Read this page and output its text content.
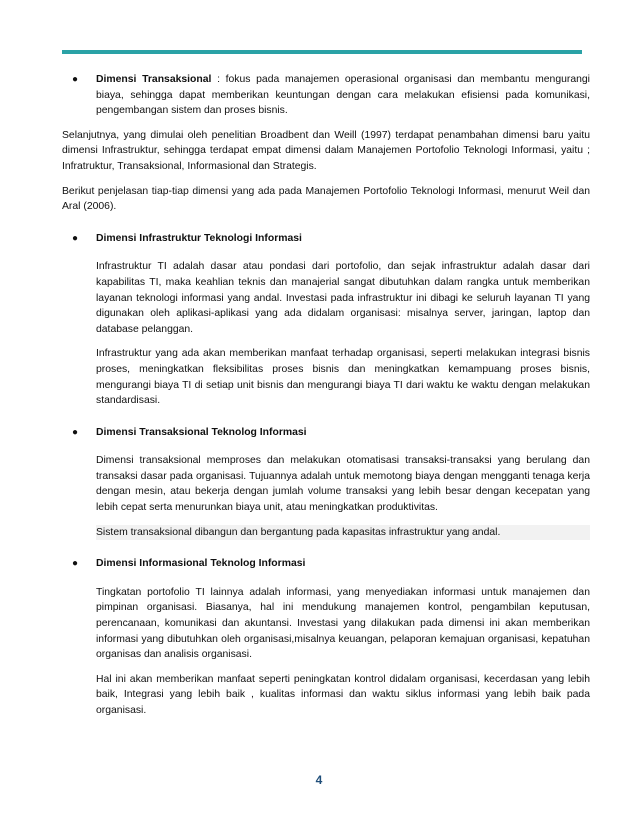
● Dimensi Transaksional : fokus pada manajemen operasional organisasi dan membantu mengurangi biaya, sehingga dapat memberikan keuntungan dengan cara melakukan efisiensi pada komunikasi, pengembangan sistem dan proses bisnis.

Selanjutnya, yang dimulai oleh penelitian Broadbent dan Weill (1997) terdapat penambahan dimensi baru yaitu dimensi Infrastruktur, sehingga terdapat empat dimensi dalam Manajemen Portofolio Teknologi Informasi, yaitu ; Infratruktur, Transaksional, Informasional dan Strategis.

Berikut penjelasan tiap-tiap dimensi yang ada pada Manajemen Portofolio Teknologi Informasi, menurut Weil dan Aral (2006).

● Dimensi Infrastruktur Teknologi Informasi

Infrastruktur TI adalah dasar atau pondasi dari portofolio, dan sejak infrastruktur adalah dasar dari kapabilitas TI, maka keahlian teknis dan manajerial sangat dibutuhkan dalam rangka untuk memberikan layanan teknologi informasi yang andal. Investasi pada infrastruktur ini dibagi ke seluruh layanan TI yang digunakan oleh aplikasi-aplikasi yang ada didalam organisasi: misalnya server, jaringan, laptop dan database pelanggan.

Infrastruktur yang ada akan memberikan manfaat terhadap organisasi, seperti melakukan integrasi bisnis proses, meningkatkan fleksibilitas proses bisnis dan meningkatkan kemampuang proses bisnis, mengurangi biaya TI di setiap unit bisnis dan mengurangi biaya TI dari waktu ke waktu dengan melakukan standardisasi.

● Dimensi Transaksional Teknolog Informasi

Dimensi transaksional memproses dan melakukan otomatisasi transaksi-transaksi yang berulang dan transaksi dasar pada organisasi. Tujuannya adalah untuk memotong biaya dengan mengganti tenaga kerja dengan mesin, atau bekerja dengan jumlah volume transaksi yang lebih besar dengan kecepatan yang lebih cepat serta menurunkan biaya unit, atau meningkatkan produktivitas.

Sistem transaksional dibangun dan bergantung pada kapasitas infrastruktur yang andal.

● Dimensi Informasional Teknolog Informasi

Tingkatan portofolio TI lainnya adalah informasi, yang menyediakan informasi untuk manajemen dan pimpinan organisasi. Biasanya, hal ini mendukung manajemen kontrol, pengambilan keputusan, perencanaan, komunikasi dan akuntansi. Investasi yang dilakukan pada dimensi ini akan memberikan informasi yang dibutuhkan oleh organisasi,misalnya keuangan, pelaporan kemajuan organisasi, kepatuhan organisas dan analisis organisasi.

Hal ini akan memberikan manfaat seperti peningkatan kontrol didalam organisasi, kecerdasan yang lebih baik, Integrasi yang lebih baik , kualitas informasi dan waktu siklus informasi yang lebih baik pada organisasi.

4
